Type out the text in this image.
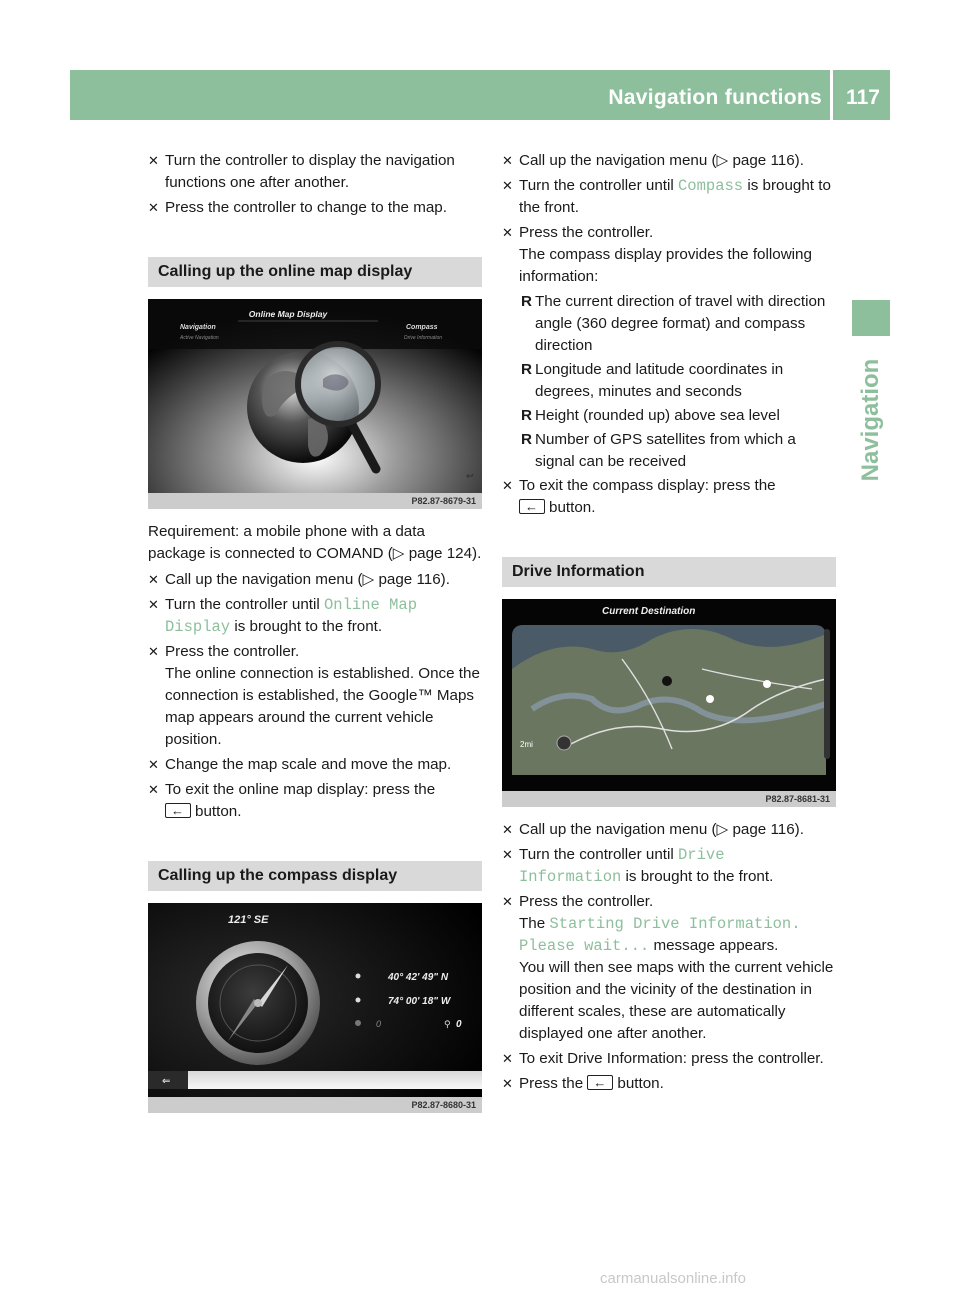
Navigation functions	117
Navigation
✕ Turn the controller to display the navigation functions one after another.
✕ Press the controller to change to the map.
Calling up the online map display
Online Map Display
Navigation
Active Navigation
Compass
Drive Information
↩
P82.87-8679-31
Requirement: a mobile phone with a data package is connected to COMAND (▷ page 124).
✕ Call up the navigation menu (▷ page 116).
✕ Turn the controller until Online Map Display is brought to the front.
✕ Press the controller.
The online connection is established. Once the connection is established, the Google™ Maps map appears around the current vehicle position.
✕ Change the map scale and move the map.
✕ To exit the online map display: press the
←button.
Calling up the compass display
121° SE
40° 42' 49" N
74° 00' 18" W
0	⚲ 0
⇐
P82.87-8680-31
✕ Call up the navigation menu (▷ page 116).
✕ Turn the controller until Compass is brought to the front.
✕ Press the controller.
The compass display provides the following information:
R The current direction of travel with direction angle (360 degree format) and compass direction
R Longitude and latitude coordinates in degrees, minutes and seconds
R Height (rounded up) above sea level
R Number of GPS satellites from which a signal can be received
✕ To exit the compass display: press the
←button.
Drive Information
Current Destination
2mi
P82.87-8681-31
✕ Call up the navigation menu (▷ page 116).
✕ Turn the controller until Drive Information is brought to the front.
✕ Press the controller.
The Starting Drive Information. Please wait... message appears.
You will then see maps with the current vehicle position and the vicinity of the destination in different scales, these are automatically displayed one after another.
✕ To exit Drive Information: press the controller.
✕ Press the ← button.
carmanualsonline.info
